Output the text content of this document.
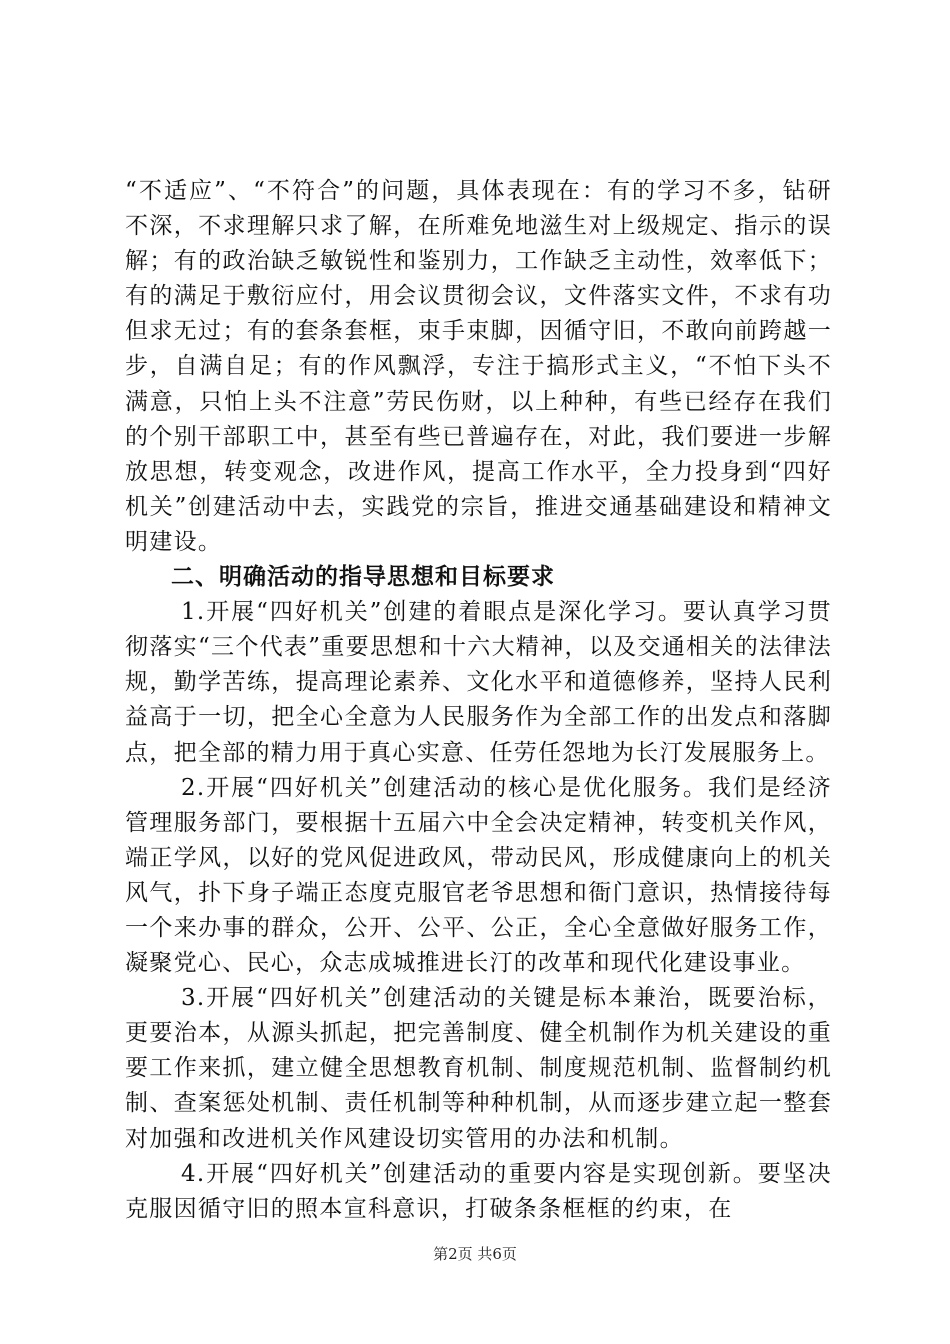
“不适应”、“不符合”的问题，具体表现在：有的学习不多，钻研不深，不求理解只求了解，在所难免地滋生对上级规定、指示的误解；有的政治缺乏敏锐性和鉴别力，工作缺乏主动性，效率低下；有的满足于敷衍应付，用会议贯彻会议，文件落实文件，不求有功但求无过；有的套条套框，束手束脚，因循守旧，不敢向前跨越一步，自满自足；有的作风飘浮，专注于搞形式主义，“不怕下头不满意，只怕上头不注意”劳民伤财，以上种种，有些已经存在我们的个别干部职工中，甚至有些已普遍存在，对此，我们要进一步解放思想，转变观念，改进作风，提高工作水平，全力投身到“四好机关”创建活动中去，实践党的宗旨，推进交通基础建设和精神文明建设。

二、明确活动的指导思想和目标要求

1.开展“四好机关”创建的着眼点是深化学习。要认真学习贯彻落实“三个代表”重要思想和十六大精神，以及交通相关的法律法规，勤学苦练，提高理论素养、文化水平和道德修养，坚持人民利益高于一切，把全心全意为人民服务作为全部工作的出发点和落脚点，把全部的精力用于真心实意、任劳任怨地为长汀发展服务上。

2.开展“四好机关”创建活动的核心是优化服务。我们是经济管理服务部门，要根据十五届六中全会决定精神，转变机关作风，端正学风，以好的党风促进政风，带动民风，形成健康向上的机关风气，扑下身子端正态度克服官老爷思想和衙门意识，热情接待每一个来办事的群众，公开、公平、公正，全心全意做好服务工作，凝聚党心、民心，众志成城推进长汀的改革和现代化建设事业。

3.开展“四好机关”创建活动的关键是标本兼治，既要治标，更要治本，从源头抓起，把完善制度、健全机制作为机关建设的重要工作来抓，建立健全思想教育机制、制度规范机制、监督制约机制、查案惩处机制、责任机制等种种机制，从而逐步建立起一整套对加强和改进机关作风建设切实管用的办法和机制。

4.开展“四好机关”创建活动的重要内容是实现创新。要坚决克服因循守旧的照本宣科意识，打破条条框框的约束，在

第2页 共6页
